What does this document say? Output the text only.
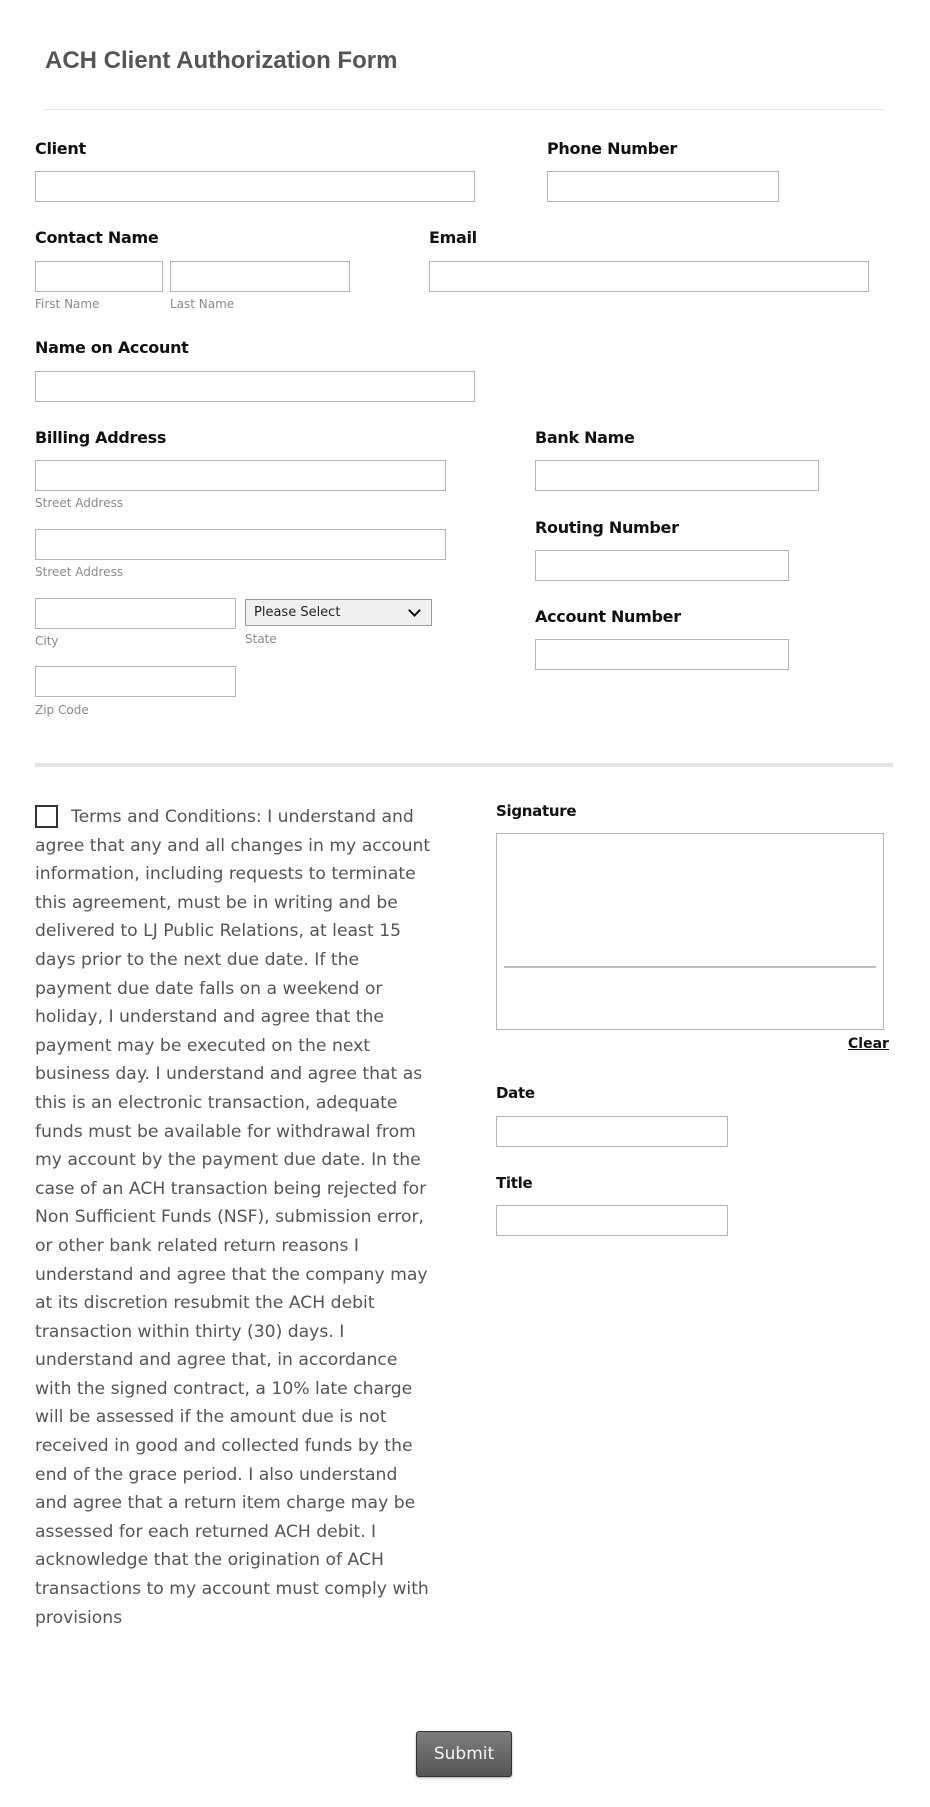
ACH Client Authorization Form
Client	Phone Number
Contact Name
First Name	Last Name
Email
Name on Account
Billing Address
Street Address
Street Address
City
Please Select
State
Zip Code
Bank Name
Routing Number
Account Number
Terms and Conditions: I understand and agree that any and all changes in my account information, including requests to terminate this agreement, must be in writing and be delivered to LJ Public Relations, at least 15 days prior to the next due date. If the payment due date falls on a weekend or holiday, I understand and agree that the payment may be executed on the next business day. I understand and agree that as this is an electronic transaction, adequate funds must be available for withdrawal from my account by the payment due date. In the case of an ACH transaction being rejected for Non Sufficient Funds (NSF), submission error, or other bank related return reasons I understand and agree that the company may at its discretion resubmit the ACH debit transaction within thirty (30) days. I understand and agree that, in accordance with the signed contract, a 10% late charge will be assessed if the amount due is not received in good and collected funds by the end of the grace period. I also understand and agree that a return item charge may be assessed for each returned ACH debit. I acknowledge that the origination of ACH transactions to my account must comply with provisions
Signature
Clear
Date
Title
Submit
